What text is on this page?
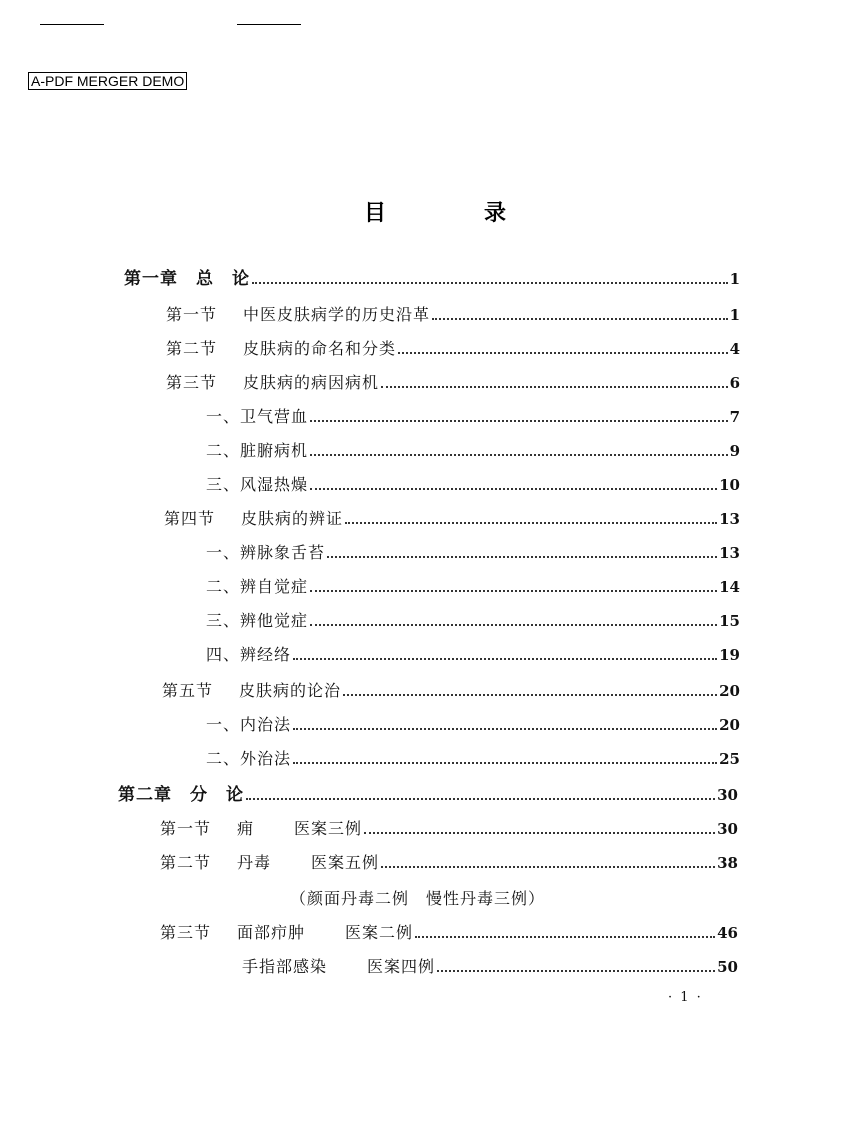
A-PDF MERGER DEMO
目	录
第一章　总　论	1
第一节 中医皮肤病学的历史沿革	1
第二节 皮肤病的命名和分类	4
第三节 皮肤病的病因病机	6
一、 卫气营血	7
二、 脏腑病机	9
三、 风湿热燥	10
第四节 皮肤病的辨证	13
一、 辨脉象舌苔	13
二、 辨自觉症	14
三、 辨他觉症	15
四、 辨经络	19
第五节 皮肤病的论治	20
一、 内治法	20
二、 外治法	25
第二章　分　论	30
第一节 痈	医案三例	30
第二节 丹毒	医案五例	38
（颜面丹毒二例　慢性丹毒三例）
第三节 面部疖肿	医案二例	46
手指部感染	医案四例	50
· 1 ·
